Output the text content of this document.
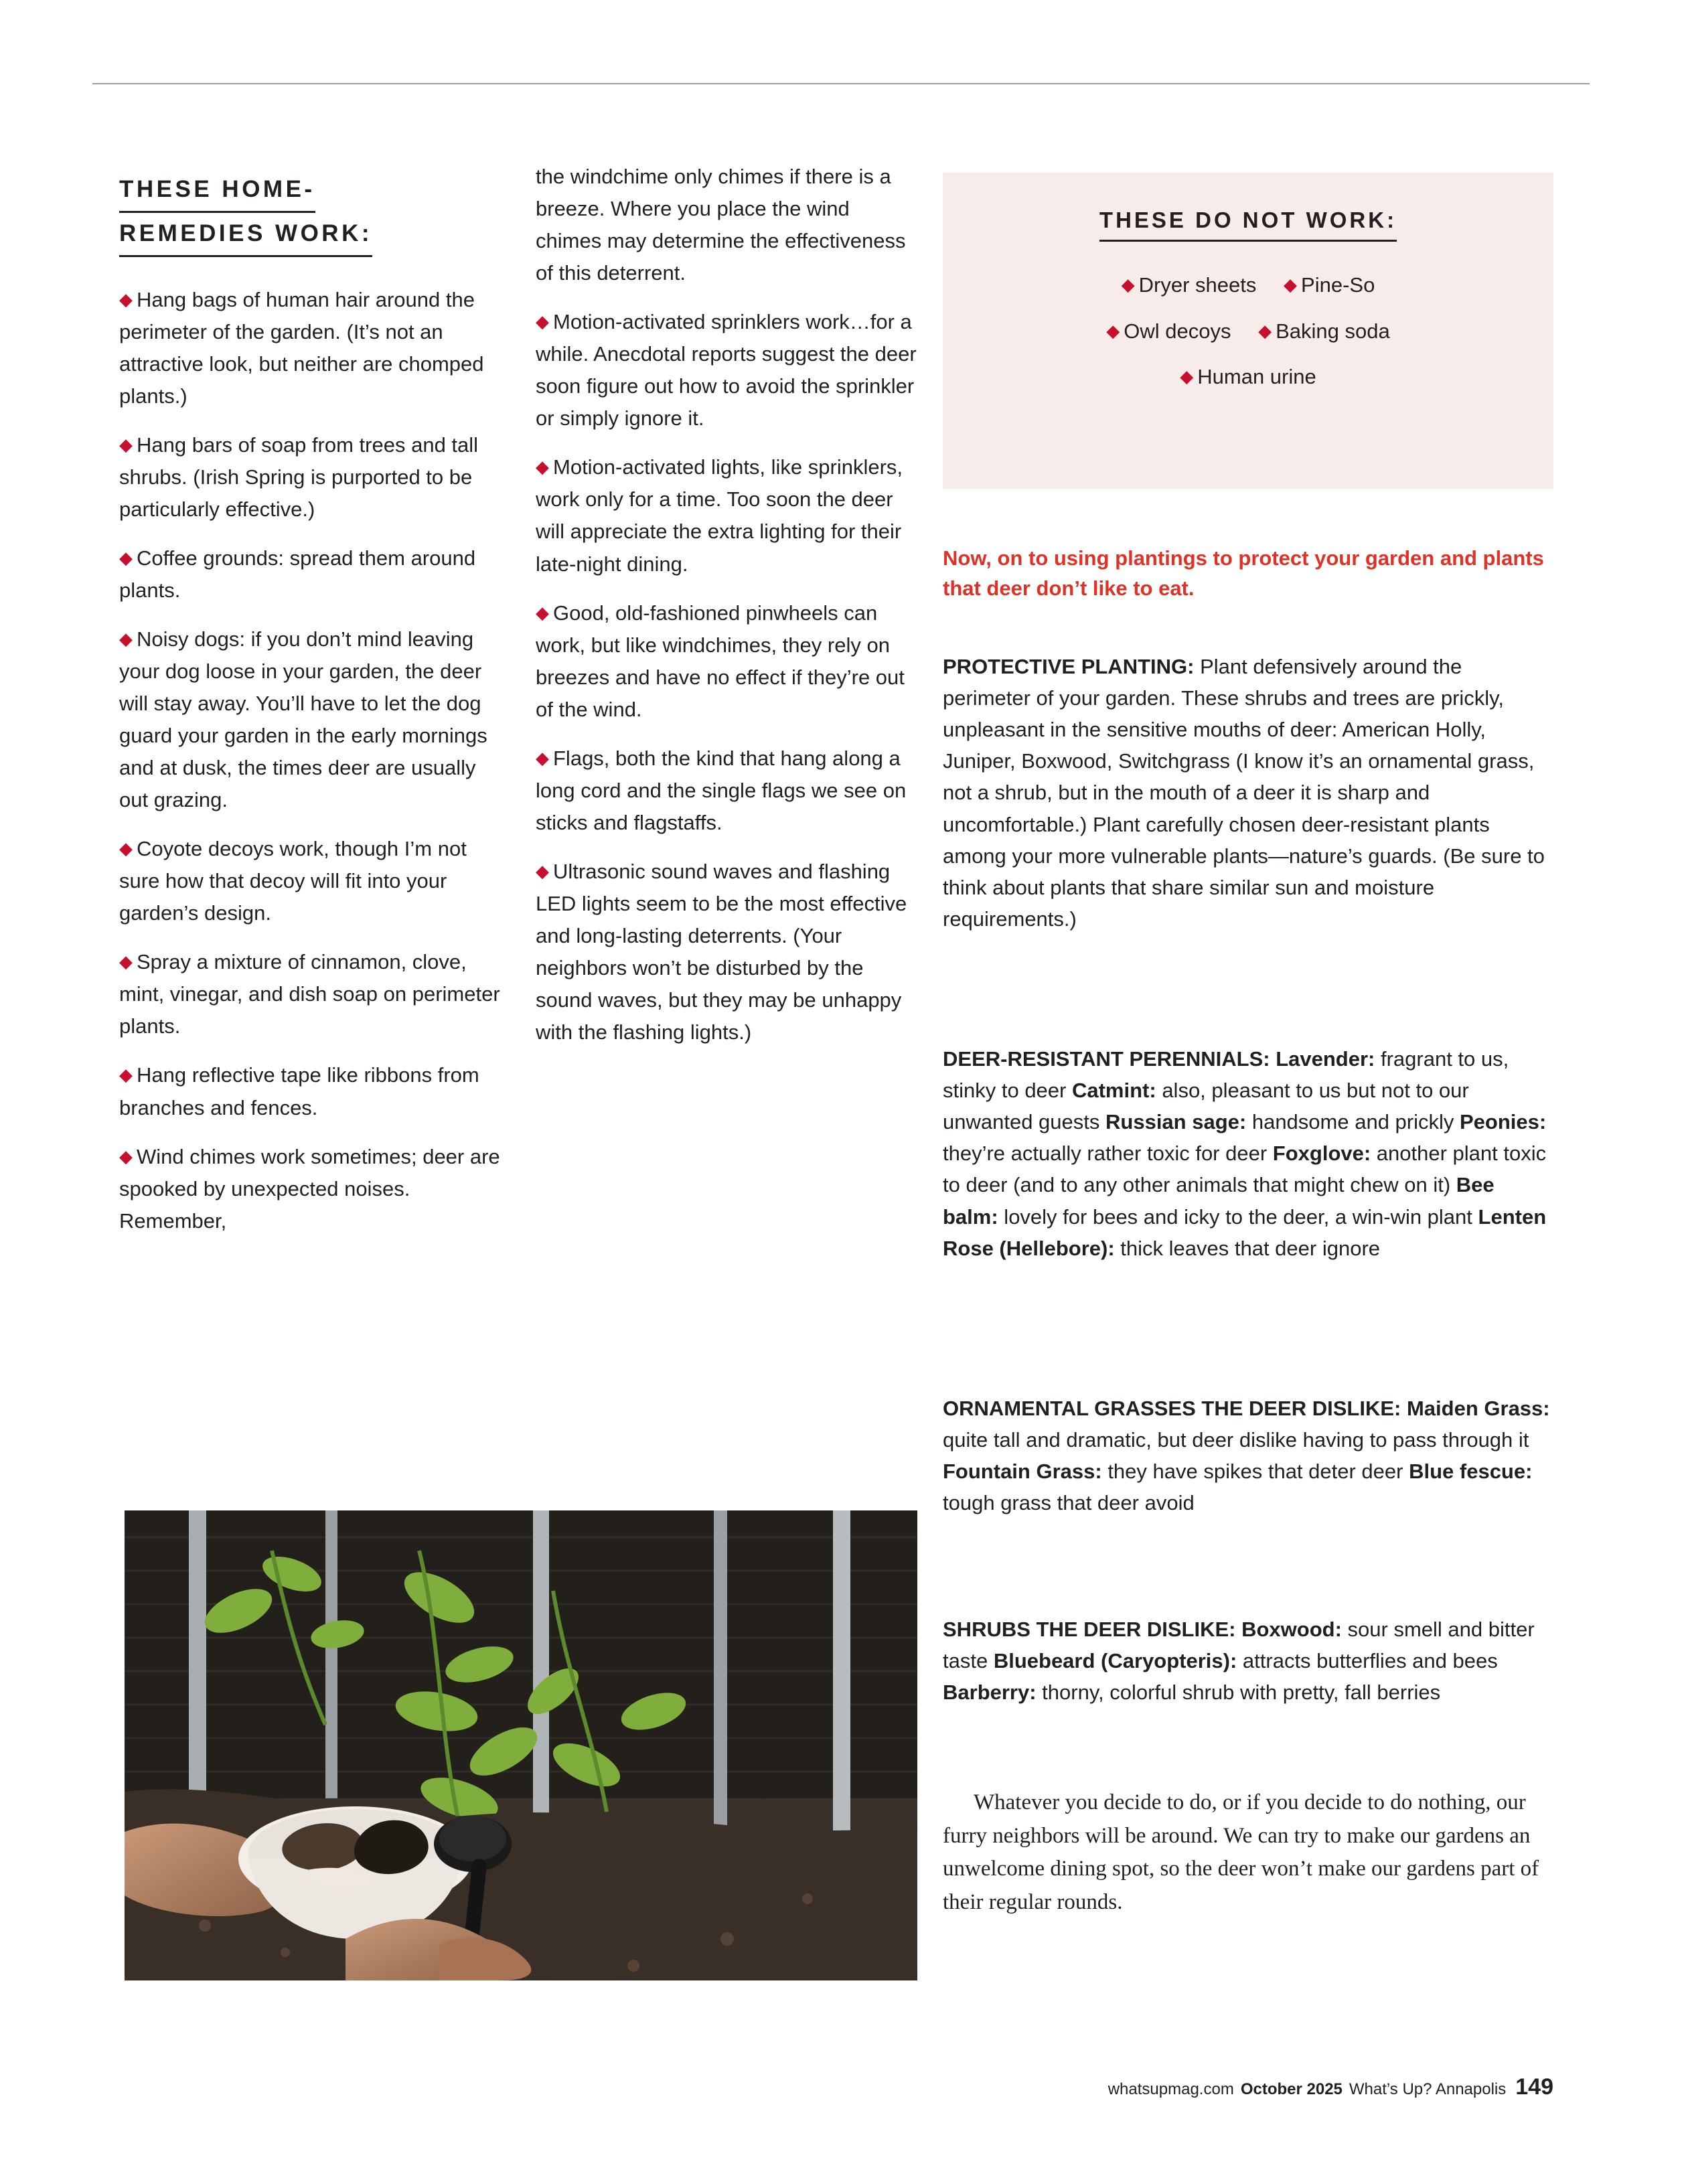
THESE HOME- REMEDIES WORK:

◆ Hang bags of human hair around the perimeter of the garden. (It’s not an attractive look, but neither are chomped plants.)

◆ Hang bars of soap from trees and tall shrubs. (Irish Spring is purported to be particularly effective.)

◆ Coffee grounds: spread them around plants.

◆ Noisy dogs: if you don’t mind leaving your dog loose in your garden, the deer will stay away. You’ll have to let the dog guard your garden in the early mornings and at dusk, the times deer are usually out grazing.

◆ Coyote decoys work, though I’m not sure how that decoy will fit into your garden’s design.

◆ Spray a mixture of cinnamon, clove, mint, vinegar, and dish soap on perimeter plants.

◆ Hang reflective tape like ribbons from branches and fences.

◆ Wind chimes work sometimes; deer are spooked by unexpected noises. Remember,

the windchime only chimes if there is a breeze. Where you place the wind chimes may determine the effectiveness of this deterrent.

◆ Motion-activated sprinklers work…for a while. Anecdotal reports suggest the deer soon figure out how to avoid the sprinkler or simply ignore it.

◆ Motion-activated lights, like sprinklers, work only for a time. Too soon the deer will appreciate the extra lighting for their late-night dining.

◆ Good, old-fashioned pinwheels can work, but like windchimes, they rely on breezes and have no effect if they’re out of the wind.

◆ Flags, both the kind that hang along a long cord and the single flags we see on sticks and flagstaffs.

◆ Ultrasonic sound waves and flashing LED lights seem to be the most effective and long-lasting deterrents. (Your neighbors won’t be disturbed by the sound waves, but they may be unhappy with the flashing lights.)

THESE DO NOT WORK:
◆ Dryer sheets ◆ Pine-So
◆ Owl decoys ◆ Baking soda
◆ Human urine
Now, on to using plantings to protect your garden and plants that deer don’t like to eat.
PROTECTIVE PLANTING: Plant defensively around the perimeter of your garden. These shrubs and trees are prickly, unpleasant in the sensitive mouths of deer: American Holly, Juniper, Boxwood, Switchgrass (I know it’s an ornamental grass, not a shrub, but in the mouth of a deer it is sharp and uncomfortable.) Plant carefully chosen deer-resistant plants among your more vulnerable plants—nature’s guards. (Be sure to think about plants that share similar sun and moisture requirements.)
DEER-RESISTANT PERENNIALS: Lavender: fragrant to us, stinky to deer Catmint: also, pleasant to us but not to our unwanted guests Russian sage: handsome and prickly Peonies: they’re actually rather toxic for deer Foxglove: another plant toxic to deer (and to any other animals that might chew on it) Bee balm: lovely for bees and icky to the deer, a win-win plant Lenten Rose (Hellebore): thick leaves that deer ignore
ORNAMENTAL GRASSES THE DEER DISLIKE: Maiden Grass: quite tall and dramatic, but deer dislike having to pass through it Fountain Grass: they have spikes that deter deer Blue fescue: tough grass that deer avoid
SHRUBS THE DEER DISLIKE: Boxwood: sour smell and bitter taste Bluebeard (Caryopteris): attracts butterflies and bees Barberry: thorny, colorful shrub with pretty, fall berries
Whatever you decide to do, or if you decide to do nothing, our furry neighbors will be around. We can try to make our gardens an unwelcome dining spot, so the deer won’t make our gardens part of their regular rounds.
whatsupmag.com October 2025 What’s Up? Annapolis 149
